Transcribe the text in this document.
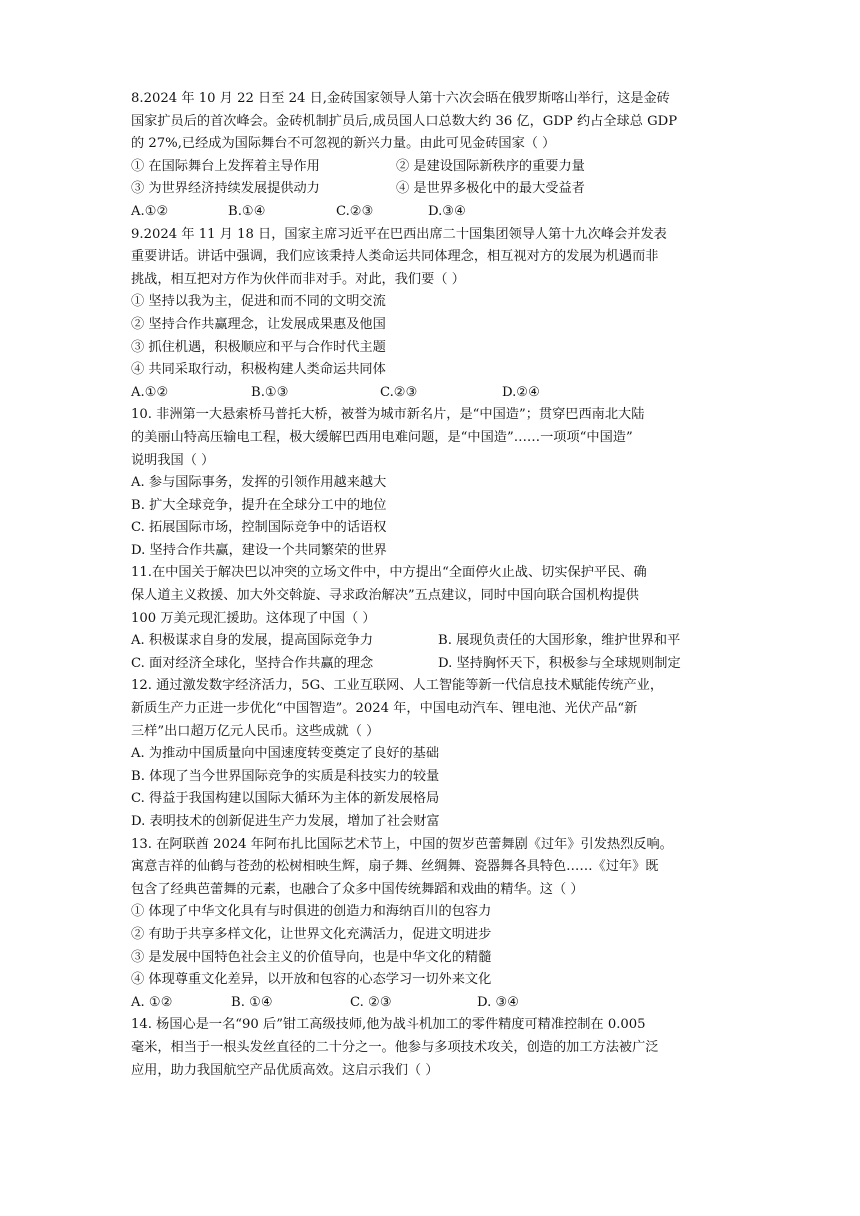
8.2024 年 10 月 22 日至 24 日,金砖国家领导人第十六次会晤在俄罗斯喀山举行，这是金砖
国家扩员后的首次峰会。金砖机制扩员后,成员国人口总数大约 36 亿，GDP 约占全球总 GDP
的 27%,已经成为国际舞台不可忽视的新兴力量。由此可见金砖国家（ ）
① 在国际舞台上发挥着主导作用	② 是建设国际新秩序的重要力量
③ 为世界经济持续发展提供动力	④ 是世界多极化中的最大受益者
A.①②	B.①④	C.②③	D.③④
9.2024 年 11 月 18 日，国家主席习近平在巴西出席二十国集团领导人第十九次峰会并发表
重要讲话。讲话中强调，我们应该秉持人类命运共同体理念，相互视对方的发展为机遇而非
挑战，相互把对方作为伙伴而非对手。对此，我们要（ ）
① 坚持以我为主，促进和而不同的文明交流
② 坚持合作共赢理念，让发展成果惠及他国
③ 抓住机遇，积极顺应和平与合作时代主题
④ 共同采取行动，积极构建人类命运共同体
A.①②	B.①③	C.②③	D.②④
10. 非洲第一大悬索桥马普托大桥，被誉为城市新名片，是“中国造”；贯穿巴西南北大陆
的美丽山特高压输电工程，极大缓解巴西用电难问题，是“中国造”……一项项“中国造”
说明我国（ ）
A. 参与国际事务，发挥的引领作用越来越大
B. 扩大全球竞争，提升在全球分工中的地位
C. 拓展国际市场，控制国际竞争中的话语权
D. 坚持合作共赢，建设一个共同繁荣的世界
11.在中国关于解决巴以冲突的立场文件中，中方提出“全面停火止战、切实保护平民、确
保人道主义救援、加大外交斡旋、寻求政治解决”五点建议，同时中国向联合国机构提供
100 万美元现汇援助。这体现了中国（ ）
A. 积极谋求自身的发展，提高国际竞争力	B. 展现负责任的大国形象，维护世界和平
C. 面对经济全球化，坚持合作共赢的理念	D. 坚持胸怀天下，积极参与全球规则制定
12. 通过激发数字经济活力，5G、工业互联网、人工智能等新一代信息技术赋能传统产业，
新质生产力正进一步优化“中国智造”。2024 年，中国电动汽车、锂电池、光伏产品“新
三样”出口超万亿元人民币。这些成就（ ）
A. 为推动中国质量向中国速度转变奠定了良好的基础
B. 体现了当今世界国际竞争的实质是科技实力的较量
C. 得益于我国构建以国际大循环为主体的新发展格局
D. 表明技术的创新促进生产力发展，增加了社会财富
13. 在阿联酋 2024 年阿布扎比国际艺术节上，中国的贺岁芭蕾舞剧《过年》引发热烈反响。
寓意吉祥的仙鹤与苍劲的松树相映生辉，扇子舞、丝绸舞、瓷器舞各具特色……《过年》既
包含了经典芭蕾舞的元素，也融合了众多中国传统舞蹈和戏曲的精华。这（ ）
① 体现了中华文化具有与时俱进的创造力和海纳百川的包容力
② 有助于共享多样文化，让世界文化充满活力，促进文明进步
③ 是发展中国特色社会主义的价值导向，也是中华文化的精髓
④ 体现尊重文化差异，以开放和包容的心态学习一切外来文化
A. ①②	B. ①④	C. ②③	D. ③④
14. 杨国心是一名“90 后”钳工高级技师,他为战斗机加工的零件精度可精准控制在 0.005
毫米，相当于一根头发丝直径的二十分之一。他参与多项技术攻关，创造的加工方法被广泛
应用，助力我国航空产品优质高效。这启示我们（ ）
